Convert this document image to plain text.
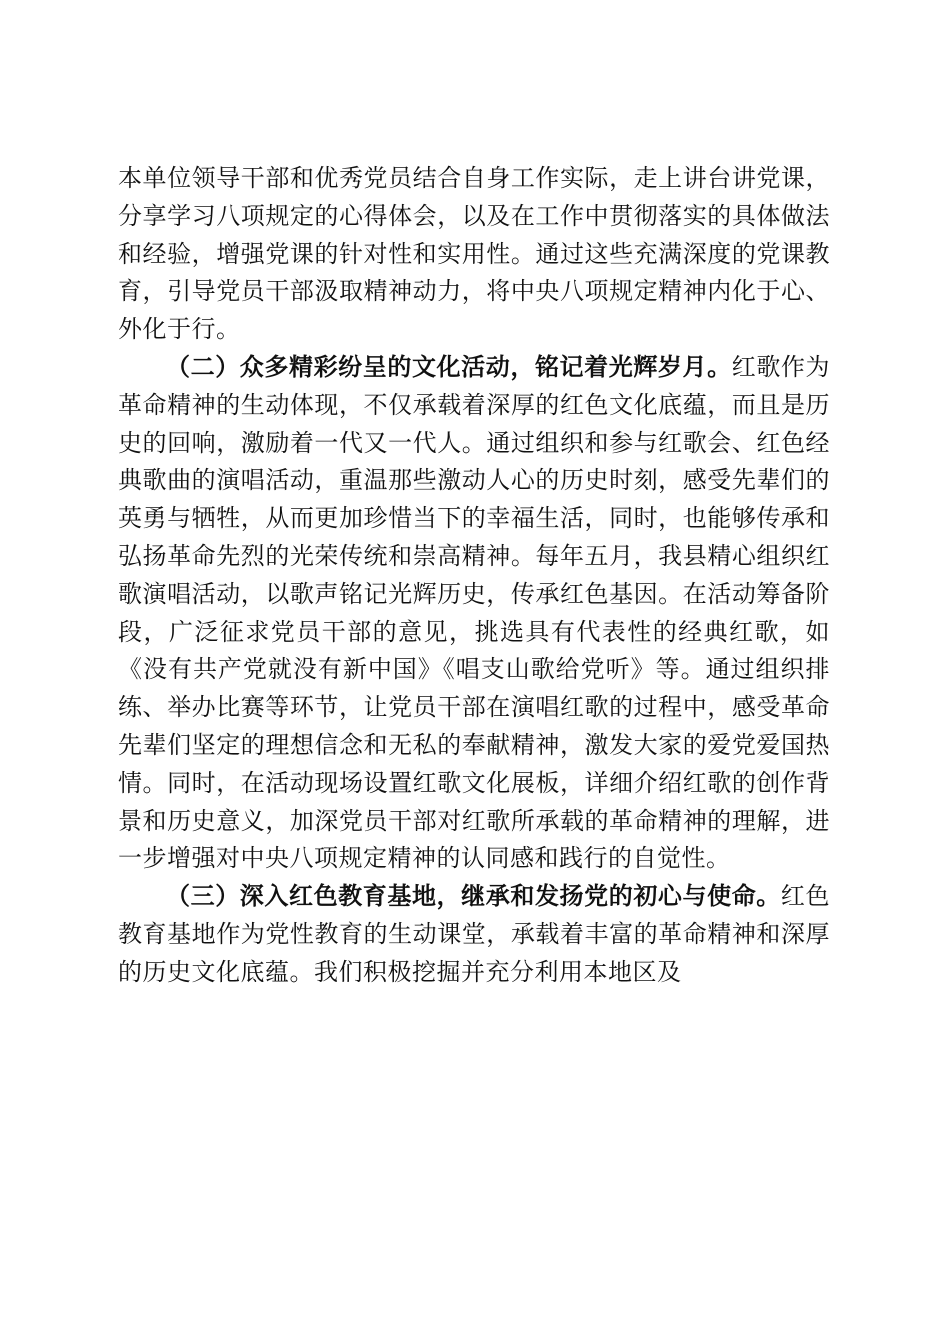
本单位领导干部和优秀党员结合自身工作实际，走上讲台讲党课，分享学习八项规定的心得体会，以及在工作中贯彻落实的具体做法和经验，增强党课的针对性和实用性。通过这些充满深度的党课教育，引导党员干部汲取精神动力，将中央八项规定精神内化于心、外化于行。

（二）众多精彩纷呈的文化活动，铭记着光辉岁月。红歌作为革命精神的生动体现，不仅承载着深厚的红色文化底蕴，而且是历史的回响，激励着一代又一代人。通过组织和参与红歌会、红色经典歌曲的演唱活动，重温那些激动人心的历史时刻，感受先辈们的英勇与牺牲，从而更加珍惜当下的幸福生活，同时，也能够传承和弘扬革命先烈的光荣传统和崇高精神。每年五月，我县精心组织红歌演唱活动，以歌声铭记光辉历史，传承红色基因。在活动筹备阶段，广泛征求党员干部的意见，挑选具有代表性的经典红歌，如《没有共产党就没有新中国》《唱支山歌给党听》等。通过组织排练、举办比赛等环节，让党员干部在演唱红歌的过程中，感受革命先辈们坚定的理想信念和无私的奉献精神，激发大家的爱党爱国热情。同时，在活动现场设置红歌文化展板，详细介绍红歌的创作背景和历史意义，加深党员干部对红歌所承载的革命精神的理解，进一步增强对中央八项规定精神的认同感和践行的自觉性。

（三）深入红色教育基地，继承和发扬党的初心与使命。红色教育基地作为党性教育的生动课堂，承载着丰富的革命精神和深厚的历史文化底蕴。我们积极挖掘并充分利用本地区及
